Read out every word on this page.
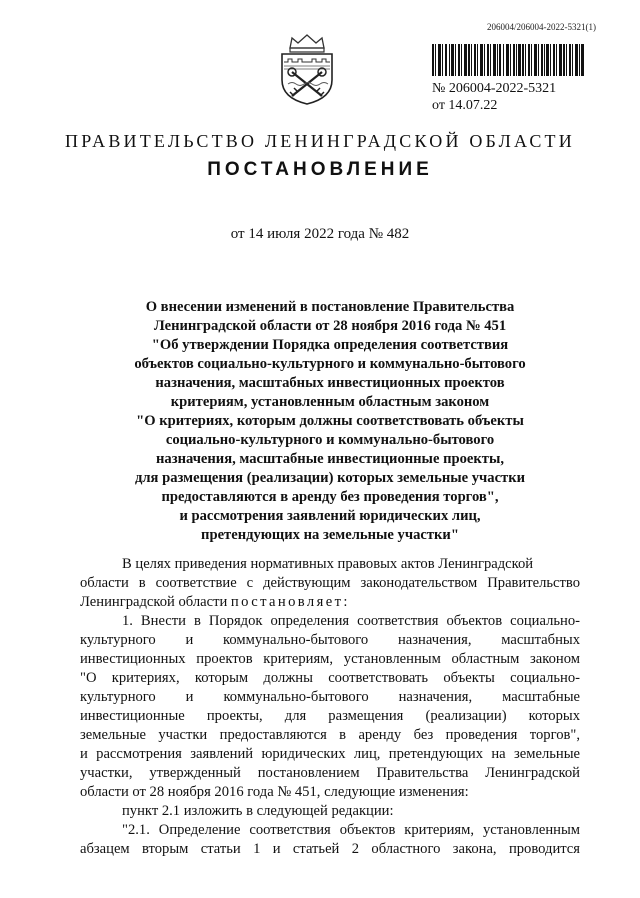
206004/206004-2022-5321(1)
№ 206004-2022-5321
от 14.07.22
ПРАВИТЕЛЬСТВО ЛЕНИНГРАДСКОЙ ОБЛАСТИ
ПОСТАНОВЛЕНИЕ
от 14 июля 2022 года № 482
О внесении изменений в постановление Правительства
Ленинградской области от 28 ноября 2016 года № 451
"Об утверждении Порядка определения соответствия
объектов социально-культурного и коммунально-бытового
назначения, масштабных инвестиционных проектов
критериям, установленным областным законом
"О критериях, которым должны соответствовать объекты
социально-культурного и коммунально-бытового
назначения, масштабные инвестиционные проекты,
для размещения (реализации) которых земельные участки
предоставляются в аренду без проведения торгов",
и рассмотрения заявлений юридических лиц,
претендующих на земельные участки"
В целях приведения нормативных правовых актов Ленинградской
области в соответствие с действующим законодательством Правительство
Ленинградской области постановляет:
1. Внести в Порядок определения соответствия объектов социально-
культурного и коммунально-бытового назначения, масштабных
инвестиционных проектов критериям, установленным областным законом
"О критериях, которым должны соответствовать объекты социально-
культурного и коммунально-бытового назначения, масштабные
инвестиционные проекты, для размещения (реализации) которых
земельные участки предоставляются в аренду без проведения торгов",
и рассмотрения заявлений юридических лиц, претендующих на земельные
участки, утвержденный постановлением Правительства Ленинградской
области от 28 ноября 2016 года № 451, следующие изменения:
пункт 2.1 изложить в следующей редакции:
"2.1. Определение соответствия объектов критериям, установленным
абзацем вторым статьи 1 и статьей 2 областного закона, проводится
